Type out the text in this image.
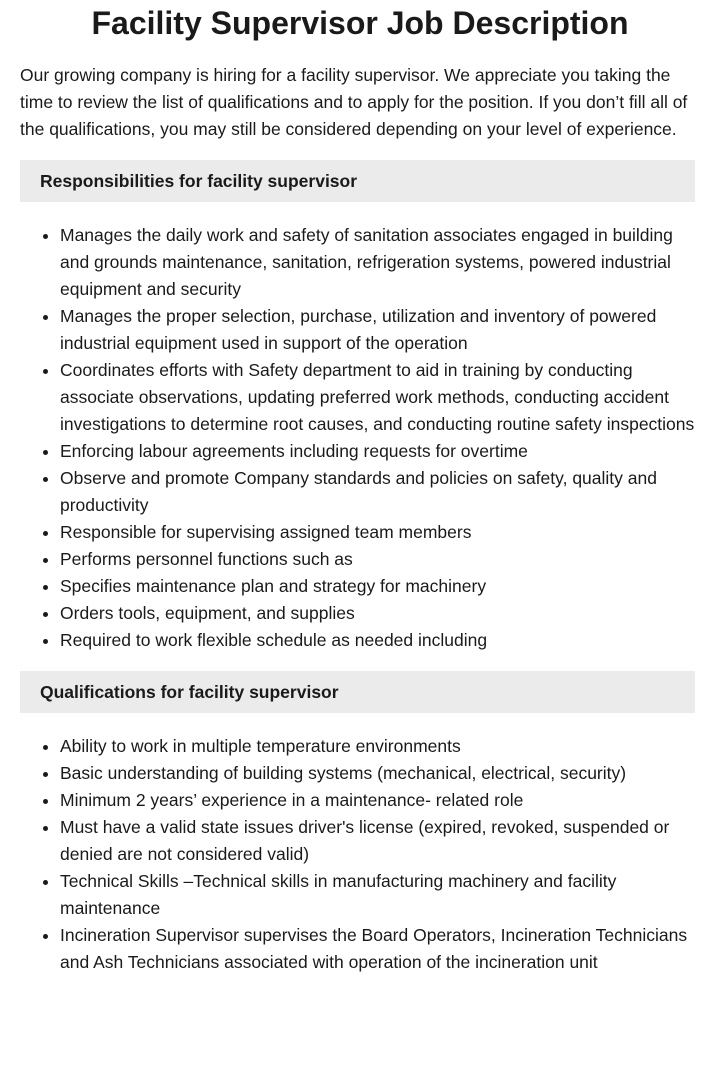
Facility Supervisor Job Description

Our growing company is hiring for a facility supervisor. We appreciate you taking the time to review the list of qualifications and to apply for the position. If you don’t fill all of the qualifications, you may still be considered depending on your level of experience.

Responsibilities for facility supervisor
• Manages the daily work and safety of sanitation associates engaged in building and grounds maintenance, sanitation, refrigeration systems, powered industrial equipment and security
• Manages the proper selection, purchase, utilization and inventory of powered industrial equipment used in support of the operation
• Coordinates efforts with Safety department to aid in training by conducting associate observations, updating preferred work methods, conducting accident investigations to determine root causes, and conducting routine safety inspections
• Enforcing labour agreements including requests for overtime
• Observe and promote Company standards and policies on safety, quality and productivity
• Responsible for supervising assigned team members
• Performs personnel functions such as
• Specifies maintenance plan and strategy for machinery
• Orders tools, equipment, and supplies
• Required to work flexible schedule as needed including
Qualifications for facility supervisor
• Ability to work in multiple temperature environments
• Basic understanding of building systems (mechanical, electrical, security)
• Minimum 2 years’ experience in a maintenance- related role
• Must have a valid state issues driver's license (expired, revoked, suspended or denied are not considered valid)
• Technical Skills –Technical skills in manufacturing machinery and facility maintenance
• Incineration Supervisor supervises the Board Operators, Incineration Technicians and Ash Technicians associated with operation of the incineration unit
